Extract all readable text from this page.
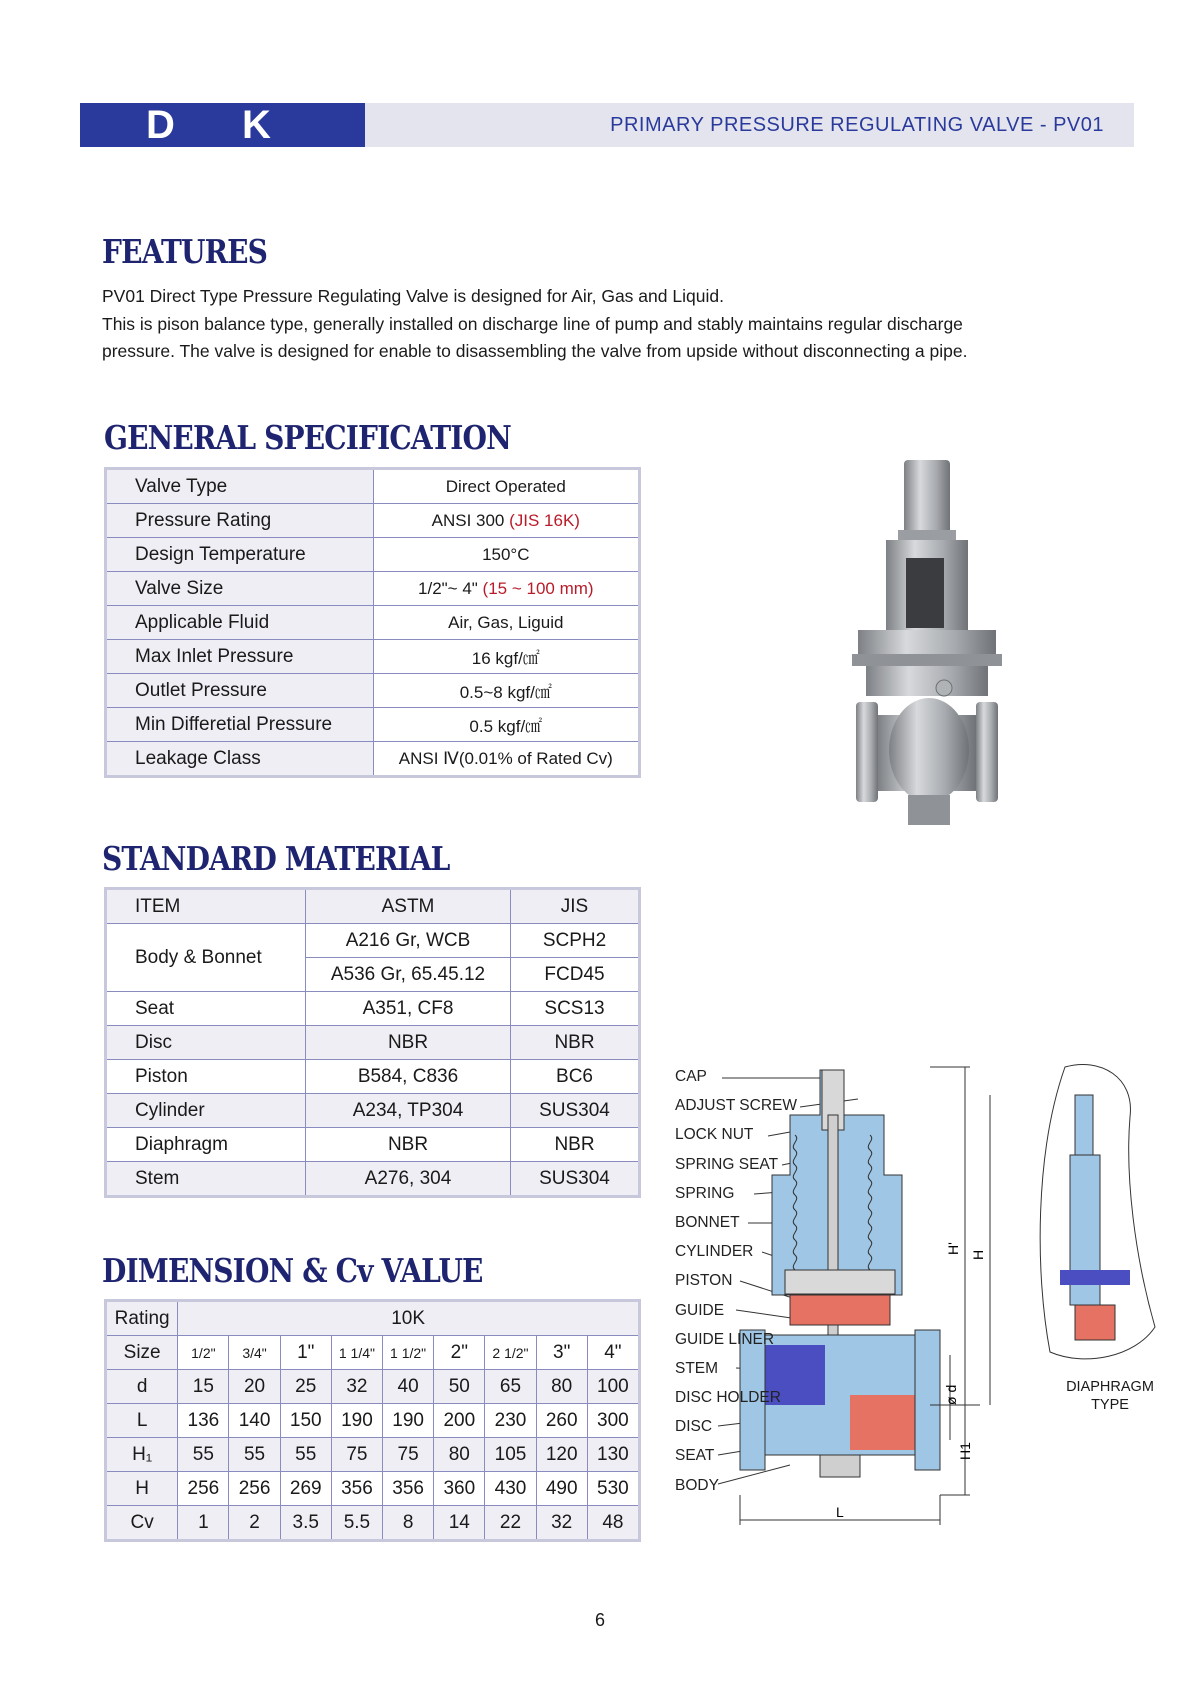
D K	PRIMARY PRESSURE REGULATING VALVE - PV01
FEATURES

PV01 Direct Type Pressure Regulating Valve is designed for Air, Gas and Liquid.

This is pison balance type, generally installed on discharge line of pump and stably maintains regular discharge

pressure. The valve is designed for enable to disassembling the valve from upside without disconnecting a pipe.

GENERAL SPECIFICATION
Valve Type	Direct Operated
Pressure Rating	ANSI 300 (JIS 16K)
Design Temperature	150°C
Valve Size	1/2"~ 4" (15 ~ 100 mm)
Applicable Fluid	Air, Gas, Liguid
Max Inlet Pressure	16 kgf/㎠
Outlet Pressure	0.5~8 kgf/㎠
Min Differetial Pressure	0.5 kgf/㎠
Leakage Class	ANSI Ⅳ(0.01% of Rated Cv)
STANDARD MATERIAL
ITEM	ASTM	JIS
Body & Bonnet	A216 Gr, WCB	SCPH2
	A536 Gr, 65.45.12	FCD45
Seat	A351, CF8	SCS13
Disc	NBR	NBR
Piston	B584, C836	BC6
Cylinder	A234, TP304	SUS304
Diaphragm	NBR	NBR
Stem	A276, 304	SUS304
DIMENSION & Cv VALUE
Rating	10K								
Size	1/2"	3/4"	1"	1 1/4"	1 1/2"	2"	2 1/2"	3"	4"
d	15	20	25	32	40	50	65	80	100
L	136	140	150	190	190	200	230	260	300
H₁	55	55	55	75	75	80	105	120	130
H	256	256	269	356	356	360	430	490	530
Cv	1	2	3.5	5.5	8	14	22	32	48
H' H
ø d
H1
L
CAP
ADJUST SCREW
LOCK NUT
SPRING SEAT
SPRING
BONNET
CYLINDER
PISTON
GUIDE
GUIDE LINER
STEM
DISC HOLDER
DISC
SEAT
BODY
DIAPHRAGM
TYPE
6
